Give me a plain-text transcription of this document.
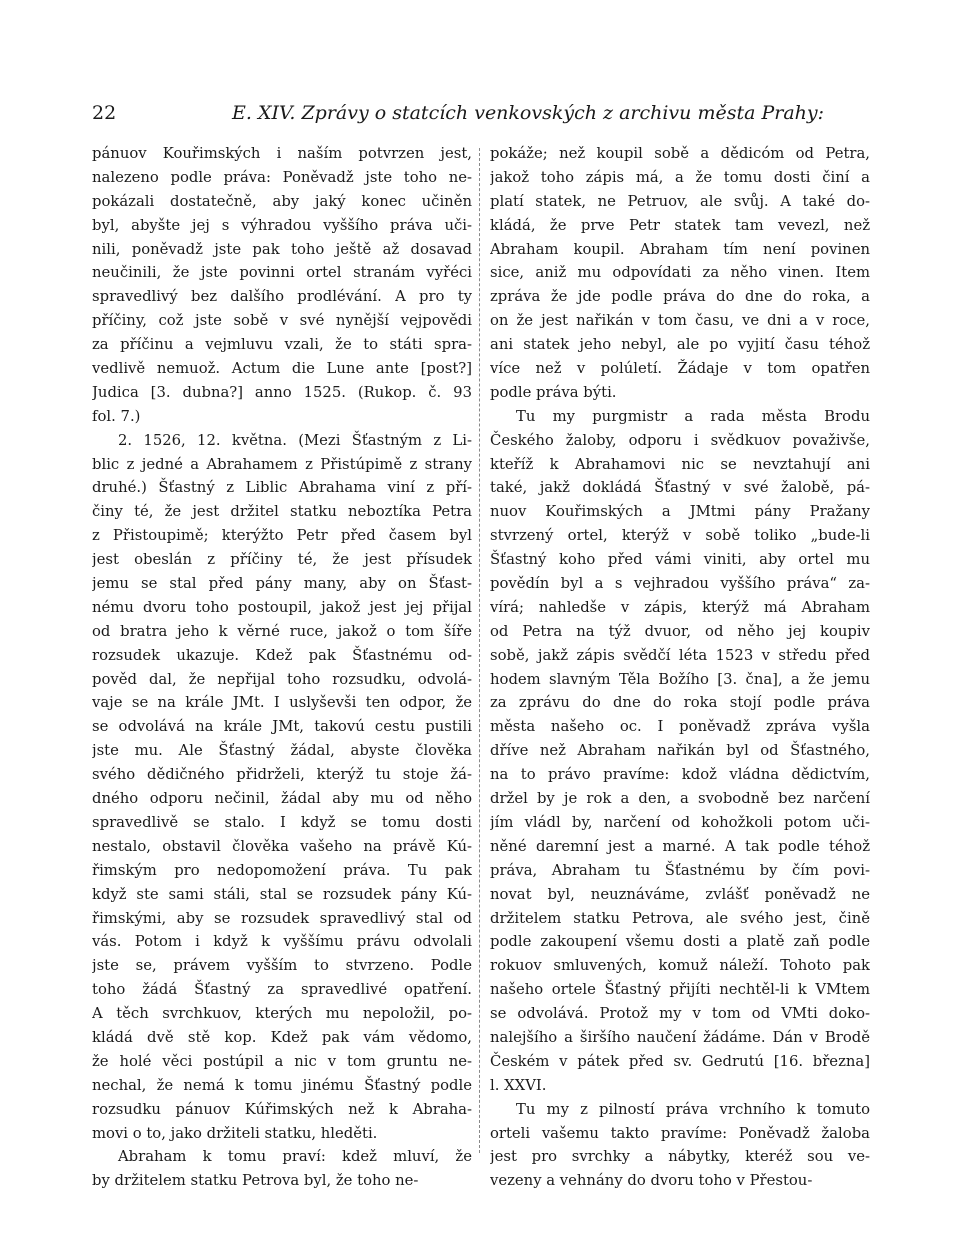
22	E. XIV. Zprávy o statcích venkovských z archivu města Prahy:
pánuov Kouřimských i naším potvrzen jest,
nalezeno podle práva: Poněvadž jste toho ne-
pokázali dostatečně, aby jaký konec učiněn
byl, abyšte jej s výhradou vyššího práva uči-
nili, poněvadž jste pak toho ještě až dosavad
neučinili, že jste povinni ortel stranám vyřéci
spravedlivý bez dalšího prodlévání. A pro ty
příčiny, což jste sobě v své nynější vejpovědi
za příčinu a vejmluvu vzali, že to státi spra-
vedlivě nemuož. Actum die Lune ante [post?]
Judica [3. dubna?] anno 1525. (Rukop. č. 93
fol. 7.)
2. 1526, 12. května. (Mezi Šťastným z Li-
blic z jedné a Abrahamem z Přistúpimě z strany
druhé.) Šťastný z Liblic Abrahama viní z pří-
činy té, že jest držitel statku neboztíka Petra
z Přistoupimě; kterýžto Petr před časem byl
jest obeslán z příčiny té, že jest přísudek
jemu se stal před pány many, aby on Šťast-
nému dvoru toho postoupil, jakož jest jej přijal
od bratra jeho k věrné ruce, jakož o tom šíře
rozsudek ukazuje. Kdež pak Šťastnému od-
pověd dal, že nepřijal toho rozsudku, odvolá-
vaje se na krále JMt. I uslyševši ten odpor, že
se odvolává na krále JMt, takovú cestu pustili
jste mu. Ale Šťastný žádal, abyste člověka
svého dědičného přidrželi, kterýž tu stoje žá-
dného odporu nečinil, žádal aby mu od něho
spravedlivě se stalo. I když se tomu dosti
nestalo, obstavil člověka vašeho na právě Kú-
řimským pro nedopomožení práva. Tu pak
když ste sami stáli, stal se rozsudek pány Kú-
řimskými, aby se rozsudek spravedlivý stal od
vás. Potom i když k vyššímu právu odvolali
jste se, právem vyšším to stvrzeno. Podle
toho žádá Šťastný za spravedlivé opatření.
A těch svrchkuov, kterých mu nepoložil, po-
kládá dvě stě kop. Kdež pak vám vědomo,
že holé věci postúpil a nic v tom gruntu ne-
nechal, že nemá k tomu jinému Šťastný podle
rozsudku pánuov Kúřimských než k Abraha-
movi o to, jako držiteli statku, hleděti.
Abraham k tomu praví: kdež mluví, že
by držitelem statku Petrova byl, že toho ne-
pokáže; než koupil sobě a dědicóm od Petra,
jakož toho zápis má, a že tomu dosti činí a
platí statek, ne Petruov, ale svůj. A také do-
kládá, že prve Petr statek tam vevezl, než
Abraham koupil. Abraham tím není povinen
sice, aniž mu odpovídati za něho vinen. Item
zpráva že jde podle práva do dne do roka, a
on že jest nařikán v tom času, ve dni a v roce,
ani statek jeho nebyl, ale po vyjití času téhož
více než v polúletí. Žádaje v tom opatřen
podle práva býti.
Tu my purgmistr a rada města Brodu
Českého žaloby, odporu i svědkuov považivše,
kteříž k Abrahamovi nic se nevztahují ani
také, jakž dokládá Šťastný v své žalobě, pá-
nuov Kouřimských a JMtmi pány Pražany
stvrzený ortel, kterýž v sobě toliko „bude-li
Šťastný koho před vámi viniti, aby ortel mu
povědín byl a s vejhradou vyššího práva“ za-
vírá; nahledše v zápis, kterýž má Abraham
od Petra na týž dvuor, od něho jej koupiv
sobě, jakž zápis svědčí léta 1523 v středu před
hodem slavným Těla Božího [3. čna], a že jemu
za zprávu do dne do roka stojí podle práva
města našeho oc. I poněvadž zpráva vyšla
dříve než Abraham nařikán byl od Šťastného,
na to právo pravíme: kdož vládna dědictvím,
držel by je rok a den, a svobodně bez narčení
jím vládl by, narčení od kohožkoli potom uči-
něné daremní jest a marné. A tak podle téhož
práva, Abraham tu Šťastnému by čím povi-
novat byl, neuznáváme, zvlášť poněvadž ne
držitelem statku Petrova, ale svého jest, čině
podle zakoupení všemu dosti a platě zaň podle
rokuov smluvených, komuž náleží. Tohoto pak
našeho ortele Šťastný přijíti nechtěl-li k VMtem
se odvolává. Protož my v tom od VMti doko-
nalejšího a širšího naučení žádáme. Dán v Brodě
Českém v pátek před sv. Gedrutú [16. března]
l. XXVI.
Tu my z pilností práva vrchního k tomuto
orteli vašemu takto pravíme: Poněvadž žaloba
jest pro svrchky a nábytky, kteréž sou ve-
vezeny a vehnány do dvoru toho v Přestou-
